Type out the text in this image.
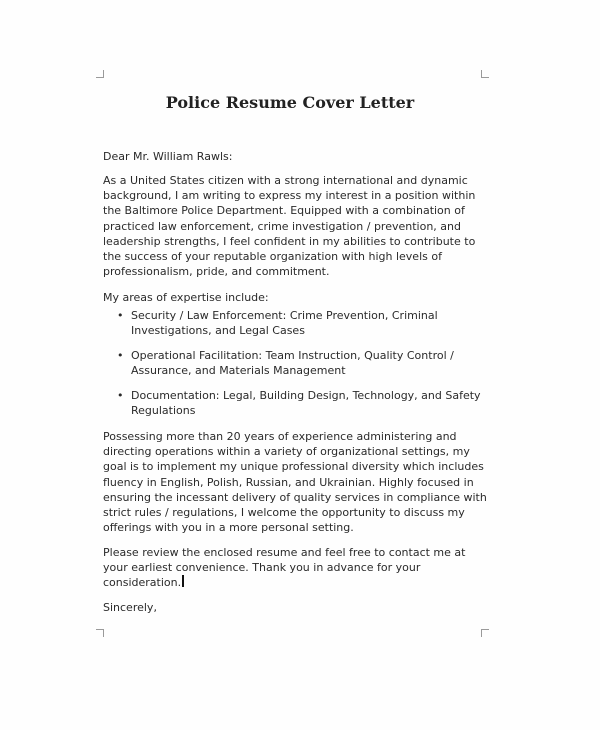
Police Resume Cover Letter

Dear Mr. William Rawls:

As a United States citizen with a strong international and dynamic background, I am writing to express my interest in a position within the Baltimore Police Department. Equipped with a combination of practiced law enforcement, crime investigation / prevention, and leadership strengths, I feel confident in my abilities to contribute to the success of your reputable organization with high levels of professionalism, pride, and commitment.

My areas of expertise include:

• Security / Law Enforcement: Crime Prevention, Criminal Investigations, and Legal Cases
• Operational Facilitation: Team Instruction, Quality Control / Assurance, and Materials Management
• Documentation: Legal, Building Design, Technology, and Safety Regulations

Possessing more than 20 years of experience administering and directing operations within a variety of organizational settings, my goal is to implement my unique professional diversity which includes fluency in English, Polish, Russian, and Ukrainian. Highly focused in ensuring the incessant delivery of quality services in compliance with strict rules / regulations, I welcome the opportunity to discuss my offerings with you in a more personal setting.

Please review the enclosed resume and feel free to contact me at your earliest convenience. Thank you in advance for your consideration.

Sincerely,
